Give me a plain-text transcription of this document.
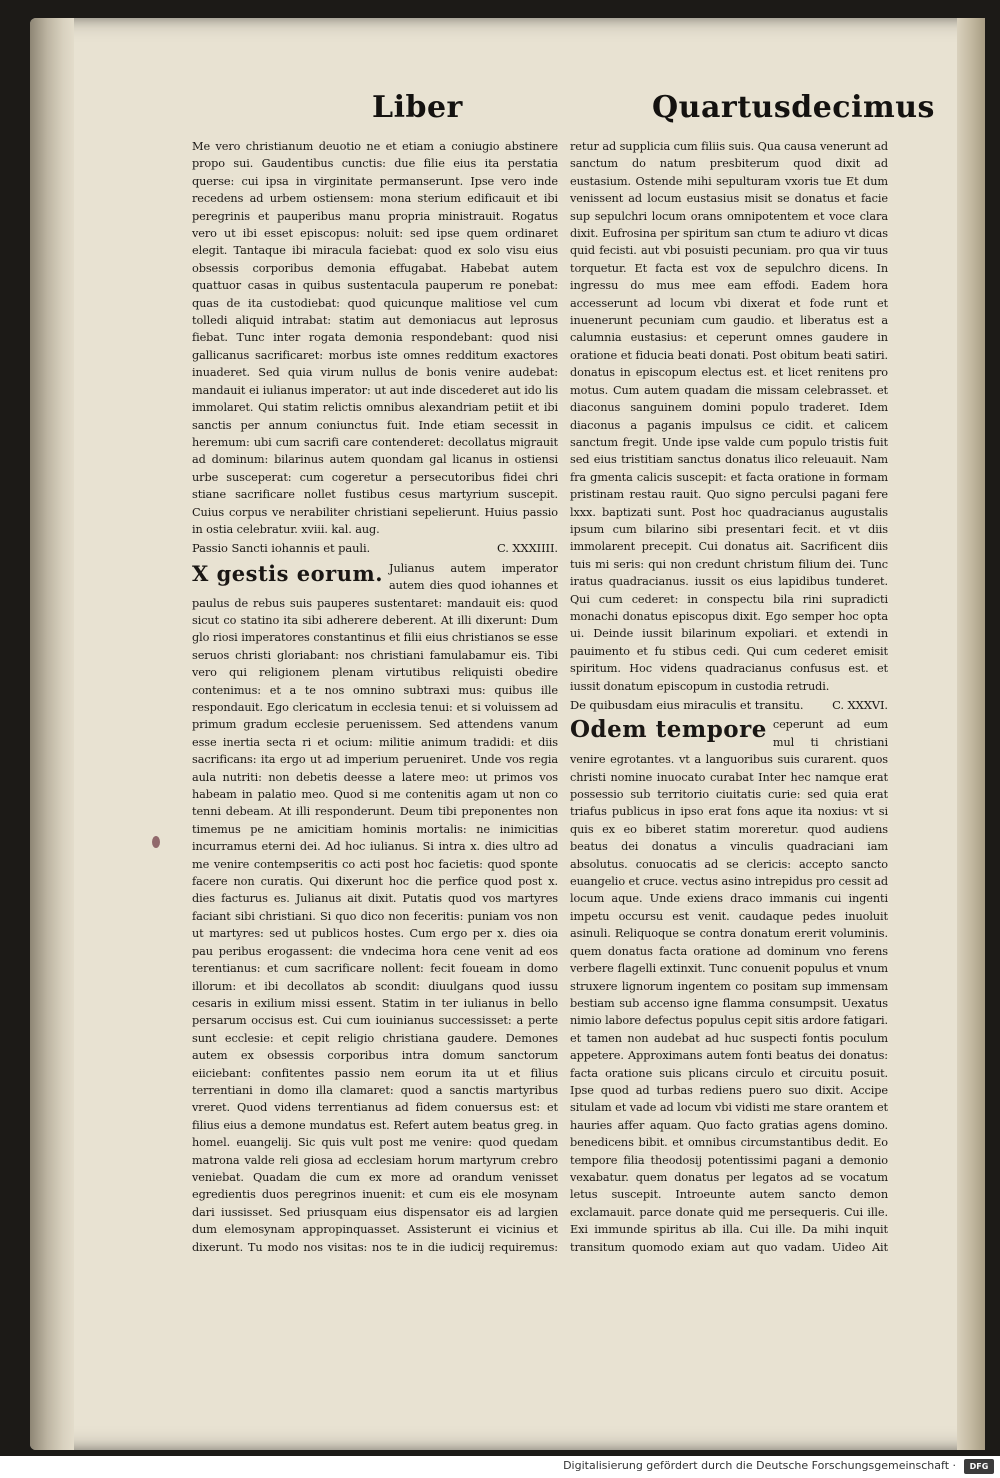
Liber	Quartusdecimus

Me vero christianum deuotio ne et etiam a coniugio abstinere propo sui. Gaudentibus cunctis: due filie eius ita perstatia querse: cui ipsa in virginitate permanserunt. Ipse vero inde recedens ad urbem ostiensem: mona sterium edificauit et ibi peregrinis et pauperibus manu propria ministrauit. Rogatus vero ut ibi esset episcopus: noluit: sed ipse quem ordinaret elegit. Tantaque ibi miracula faciebat: quod ex solo visu eius obsessis corporibus demonia effugabat. Habebat autem quattuor casas in quibus sustentacula pauperum re ponebat: quas de ita custodiebat: quod quicunque malitiose vel cum tolledi aliquid intrabat: statim aut demoniacus aut leprosus fiebat. Tunc inter rogata demonia respondebant: quod nisi gallicanus sacrificaret: morbus iste omnes redditum exactores inuaderet. Sed quia virum nullus de bonis venire audebat: mandauit ei iulianus imperator: ut aut inde discederet aut ido lis immolaret. Qui statim relictis omnibus alexandriam petiit et ibi sanctis per annum coniunctus fuit. Inde etiam secessit in heremum: ubi cum sacrifi care contenderet: decollatus migrauit ad dominum: bilarinus autem quondam gal licanus in ostiensi urbe susceperat: cum cogeretur a persecutoribus fidei chri stiane sacrificare nollet fustibus cesus martyrium suscepit. Cuius corpus ve nerabiliter christiani sepelierunt. Huius passio in ostia celebratur. xviii. kal. aug.

Passio Sancti iohannis et pauli.	C. XXXIIII.
X gestis eorum. Julianus autem imperator autem dies quod iohannes et paulus de rebus suis pauperes sustentaret: mandauit eis: quod sicut co statino ita sibi adherere deberent. At illi dixerunt: Dum glo riosi imperatores constantinus et filii eius christianos se esse seruos christi gloriabant: nos christiani famulabamur eis. Tibi vero qui religionem plenam virtutibus reliquisti obedire contenimus: et a te nos omnino subtraxi mus: quibus ille respondauit. Ego clericatum in ecclesia tenui: et si voluissem ad primum gradum ecclesie peruenissem. Sed attendens vanum esse inertia secta ri et ocium: militie animum tradidi: et diis sacrificans: ita ergo ut ad imperium perueniret. Unde vos regia aula nutriti: non debetis deesse a latere meo: ut primos vos habeam in palatio meo. Quod si me contenitis agam ut non co tenni debeam. At illi responderunt. Deum tibi preponentes non timemus pe ne amicitiam hominis mortalis: ne inimicitias incurramus eterni dei. Ad hoc iulianus. Si intra x. dies ultro ad me venire contempseritis co acti post hoc facietis: quod sponte facere non curatis. Qui dixerunt hoc die perfice quod post x. dies facturus es. Julianus ait dixit. Putatis quod vos martyres faciant sibi christiani. Si quo dico non feceritis: puniam vos non ut martyres: sed ut publicos hostes. Cum ergo per x. dies oia pau peribus erogassent: die vndecima hora cene venit ad eos terentianus: et cum sacrificare nollent: fecit foueam in domo illorum: et ibi decollatos ab scondit: diuulgans quod iussu cesaris in exilium missi essent. Statim in ter iulianus in bello persarum occisus est. Cui cum iouinianus successisset: a perte sunt ecclesie: et cepit religio christiana gaudere. Demones autem ex obsessis corporibus intra domum sanctorum eiiciebant: confitentes passio nem eorum ita ut et filius terrentiani in domo illa clamaret: quod a sanctis martyribus vreret. Quod videns terrentianus ad fidem conuersus est: et filius eius a demone mundatus est. Refert autem beatus greg. in homel. euangelij. Sic quis vult post me venire: quod quedam matrona valde reli giosa ad ecclesiam horum martyrum crebro veniebat. Quadam die cum ex more ad orandum venisset egredientis duos peregrinos inuenit: et cum eis ele mosynam dari iussisset. Sed priusquam eius dispensator eis ad largien dum elemosynam appropinquasset. Assisterunt ei vicinius et dixerunt. Tu modo nos visitas: nos te in die iudicij requiremus:

retur ad supplicia cum filiis suis. Qua causa venerunt ad sanctum do natum presbiterum quod dixit ad eustasium. Ostende mihi sepulturam vxoris tue Et dum venissent ad locum eustasius misit se donatus et facie sup sepulchri locum orans omnipotentem et voce clara dixit. Eufrosina per spiritum san ctum te adiuro vt dicas quid fecisti. aut vbi posuisti pecuniam. pro qua vir tuus torquetur. Et facta est vox de sepulchro dicens. In ingressu do mus mee eam effodi. Eadem hora accesserunt ad locum vbi dixerat et fode runt et inuenerunt pecuniam cum gaudio. et liberatus est a calumnia eustasius: et ceperunt omnes gaudere in oratione et fiducia beati donati. Post obitum beati satiri. donatus in episcopum electus est. et licet renitens pro motus. Cum autem quadam die missam celebrasset. et diaconus sanguinem domini populo traderet. Idem diaconus a paganis impulsus ce cidit. et calicem sanctum fregit. Unde ipse valde cum populo tristis fuit sed eius tristitiam sanctus donatus ilico releuauit. Nam fra gmenta calicis suscepit: et facta oratione in formam pristinam restau rauit. Quo signo perculsi pagani fere lxxx. baptizati sunt. Post hoc quadracianus augustalis ipsum cum bilarino sibi presentari fecit. et vt diis immolarent precepit. Cui donatus ait. Sacrificent diis tuis mi seris: qui non credunt christum filium dei. Tunc iratus quadracianus. iussit os eius lapidibus tunderet. Qui cum cederet: in conspectu bila rini supradicti monachi donatus episcopus dixit. Ego semper hoc opta ui. Deinde iussit bilarinum expoliari. et extendi in pauimento et fu stibus cedi. Qui cum cederet emisit spiritum. Hoc videns quadracianus confusus est. et iussit donatum episcopum in custodia retrudi.

De quibusdam eius miraculis et transitu. C. XXXVI.
Odem tempore ceperunt ad eum mul ti christiani venire egrotantes. vt a languoribus suis curarent. quos christi nomine inuocato curabat Inter hec namque erat possessio sub territorio ciuitatis curie: sed quia erat triafus publicus in ipso erat fons aque ita noxius: vt si quis ex eo biberet statim moreretur. quod audiens beatus dei donatus a vinculis quadraciani iam absolutus. conuocatis ad se clericis: accepto sancto euangelio et cruce. vectus asino intrepidus pro cessit ad locum aque. Unde exiens draco immanis cui ingenti impetu occursu est venit. caudaque pedes inuoluit asinuli. Reliquoque se contra donatum ererit voluminis. quem donatus facta oratione ad dominum vno ferens verbere flagelli extinxit. Tunc conuenit populus et vnum struxere lignorum ingentem co positam sup immensam bestiam sub accenso igne flamma consumpsit. Uexatus nimio labore defectus populus cepit sitis ardore fatigari. et tamen non audebat ad huc suspecti fontis poculum appetere. Approximans autem fonti beatus dei donatus: facta oratione suis plicans circulo et circuitu posuit. Ipse quod ad turbas rediens puero suo dixit. Accipe situlam et vade ad locum vbi vidisti me stare orantem et hauries affer aquam. Quo facto gratias agens domino. benedicens bibit. et omnibus circumstantibus dedit. Eo tempore filia theodosij potentissimi pagani a demonio vexabatur. quem donatus per legatos ad se vocatum letus suscepit. Introeunte autem sancto demon exclamauit. parce donate quid me persequeris. Cui ille. Exi immunde spiritus ab illa. Cui ille. Da mihi inquit transitum quomodo exiam aut quo vadam. Uideo Ait

Digitalisierung gefördert durch die Deutsche Forschungsgemeinschaft ·	DFG
